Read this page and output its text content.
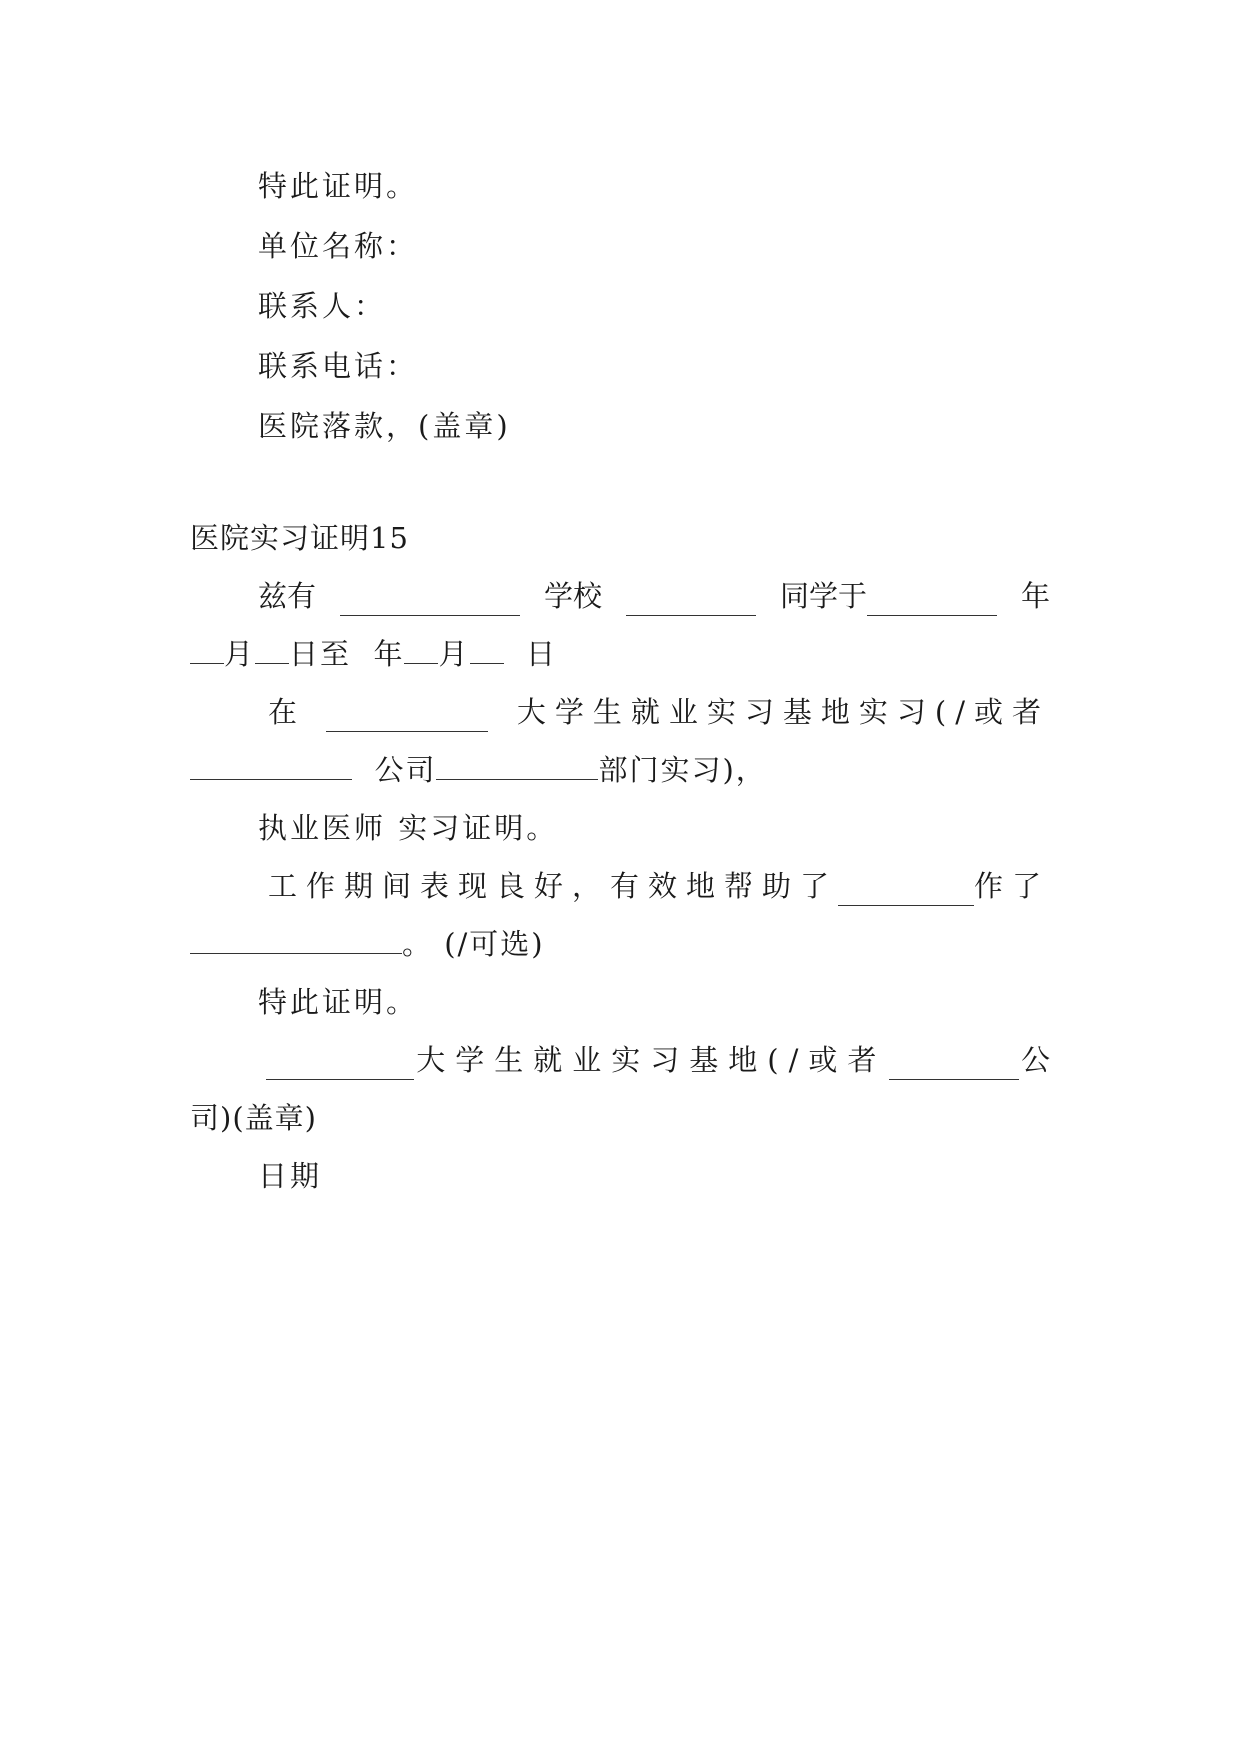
特此证明。
单位名称：
联系人：
联系电话：
医院落款，(盖章)
医院实习证明15
兹有	学校	同学于	年
月 日至 年 月 日
在	大学生就业实习基地实习(/或者
公司	部门实习)，
执业医师 实习证明。
工作期间表现良好，有效地帮助了	作了
。 (/可选)
特此证明。
大学生就业实习基地(/或者	公
司)(盖章)
日期
